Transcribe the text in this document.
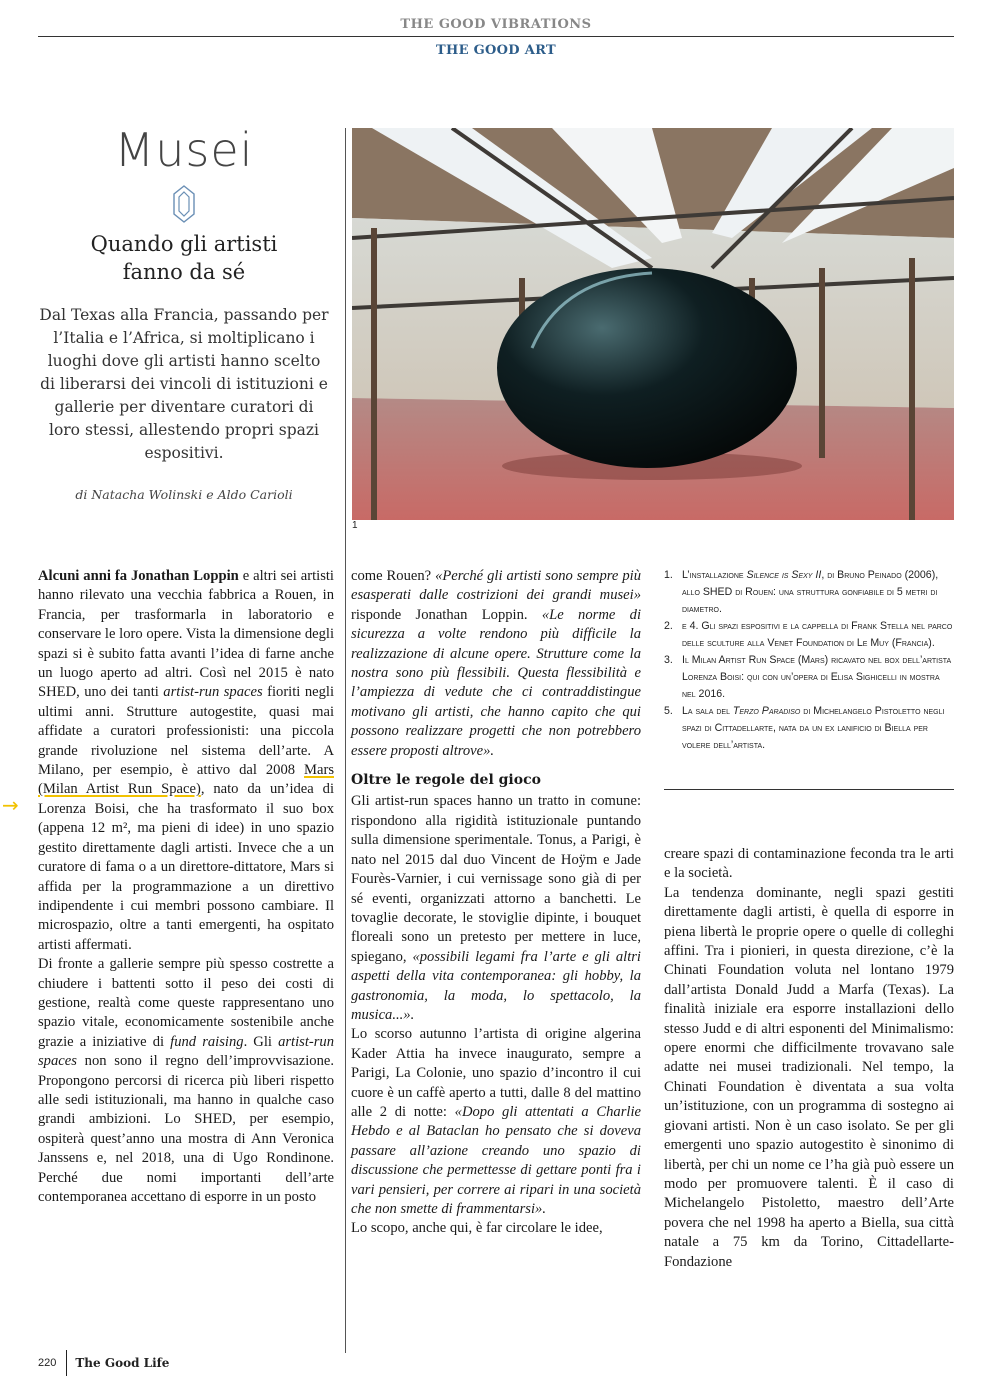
THE GOOD VIBRATIONS
THE GOOD ART
Musei
Quando gli artisti
fanno da sé
Dal Texas alla Francia, passando per l’Italia e l’Africa, si moltiplicano i luoghi dove gli artisti hanno scelto di liberarsi dei vincoli di istituzioni e gallerie per diventare curatori di loro stessi, allestendo propri spazi espositivi.
di Natacha Wolinski e Aldo Carioli
1
→

Alcuni anni fa Jonathan Loppin e altri sei artisti hanno rilevato una vecchia fabbrica a Rouen, in Francia, per trasformarla in laboratorio e conservare le loro opere. Vista la dimensione degli spazi si è subito fatta avanti l’idea di farne anche un luogo aperto ad altri. Così nel 2015 è nato SHED, uno dei tanti artist-run spaces fioriti negli ultimi anni. Strutture autogestite, quasi mai affidate a curatori professionisti: una piccola grande rivoluzione nel sistema dell’arte. A Milano, per esempio, è attivo dal 2008 Mars (Milan Artist Run Space), nato da un’idea di Lorenza Boisi, che ha trasformato il suo box (appena 12 m², ma pieni di idee) in uno spazio gestito direttamente dagli artisti. Invece che a un curatore di fama o a un direttore-dittatore, Mars si affida per la programmazione a un direttivo indipendente i cui membri possono cambiare. Il microspazio, oltre a tanti emergenti, ha ospitato artisti affermati.

Di fronte a gallerie sempre più spesso costrette a chiudere i battenti sotto il peso dei costi di gestione, realtà come queste rappresentano uno spazio vitale, economicamente sostenibile anche grazie a iniziative di fund raising. Gli artist-run spaces non sono il regno dell’improvvisazione. Propongono percorsi di ricerca più liberi rispetto alle sedi istituzionali, ma hanno in qualche caso grandi ambizioni. Lo SHED, per esempio, ospiterà quest’anno una mostra di Ann Veronica Janssens e, nel 2018, una di Ugo Rondinone. Perché due nomi importanti dell’arte contemporanea accettano di esporre in un posto

come Rouen? «Perché gli artisti sono sempre più esasperati dalle costrizioni dei grandi musei» risponde Jonathan Loppin. «Le norme di sicurezza a volte rendono più difficile la realizzazione di alcune opere. Strutture come la nostra sono più flessibili. Questa flessibilità e l’ampiezza di vedute che ci contraddistingue motivano gli artisti, che hanno capito che qui possono realizzare progetti che non potrebbero essere proposti altrove».

Oltre le regole del gioco

Gli artist-run spaces hanno un tratto in comune: rispondono alla rigidità istituzionale puntando sulla dimensione sperimentale. Tonus, a Parigi, è nato nel 2015 dal duo Vincent de Hoÿm e Jade Fourès-Varnier, i cui vernissage sono già di per sé eventi, organizzati attorno a banchetti. Le tovaglie decorate, le stoviglie dipinte, i bouquet floreali sono un pretesto per mettere in luce, spiegano, «possibili legami fra l’arte e gli altri aspetti della vita contemporanea: gli hobby, la gastronomia, la moda, lo spettacolo, la musica...».

Lo scorso autunno l’artista di origine algerina Kader Attia ha invece inaugurato, sempre a Parigi, La Colonie, uno spazio d’incontro il cui cuore è un caffè aperto a tutti, dalle 8 del mattino alle 2 di notte: «Dopo gli attentati a Charlie Hebdo e al Bataclan ho pensato che si doveva passare all’azione creando uno spazio di discussione che permettesse di gettare ponti fra i vari pensieri, per correre ai ripari in una società che non smette di frammentarsi».

Lo scopo, anche qui, è far circolare le idee,

1. L’installazione Silence is Sexy II, di Bruno Peinado (2006), allo SHED di Rouen: una struttura gonfiabile di 5 metri di diametro.
2. e 4. Gli spazi espositivi e la cappella di Frank Stella nel parco delle sculture alla Venet Foundation di Le Muy (Francia).
3. Il Milan Artist Run Space (Mars) ricavato nel box dell’artista Lorenza Boisi: qui con un’opera di Elisa Sighicelli in mostra nel 2016.
5. La sala del Terzo Paradiso di Michelangelo Pistoletto negli spazi di Cittadellarte, nata da un ex lanificio di Biella per volere dell’artista.

creare spazi di contaminazione feconda tra le arti e la società.

La tendenza dominante, negli spazi gestiti direttamente dagli artisti, è quella di esporre in piena libertà le proprie opere o quelle di colleghi affini. Tra i pionieri, in questa direzione, c’è la Chinati Foundation voluta nel lontano 1979 dall’artista Donald Judd a Marfa (Texas). La finalità iniziale era esporre installazioni dello stesso Judd e di altri esponenti del Minimalismo: opere enormi che difficilmente trovavano sale adatte nei musei tradizionali. Nel tempo, la Chinati Foundation è diventata a sua volta un’istituzione, con un programma di sostegno ai giovani artisti. Non è un caso isolato. Se per gli emergenti uno spazio autogestito è sinonimo di libertà, per chi un nome ce l’ha già può essere un modo per promuovere talenti. È il caso di Michelangelo Pistoletto, maestro dell’Arte povera che nel 1998 ha aperto a Biella, sua città natale a 75 km da Torino, Cittadellarte-Fondazione

220 The Good Life
